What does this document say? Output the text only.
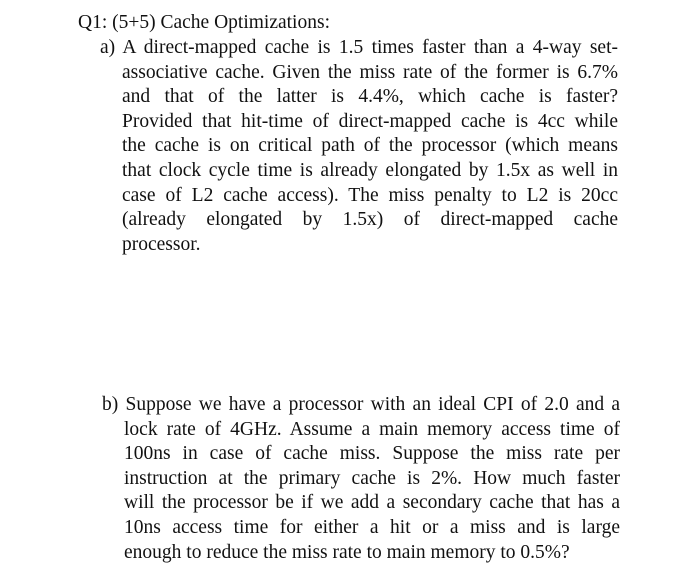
Q1: (5+5) Cache Optimizations:
a) A direct-mapped cache is 1.5 times faster than a 4-way set-
associative cache. Given the miss rate of the former is 6.7%
and that of the latter is 4.4%, which cache is faster?
Provided that hit-time of direct-mapped cache is 4cc while
the cache is on critical path of the processor (which means
that clock cycle time is already elongated by 1.5x as well in
case of L2 cache access). The miss penalty to L2 is 20cc
(already elongated by 1.5x) of direct-mapped cache
processor.
b) Suppose we have a processor with an ideal CPI of 2.0 and a
lock rate of 4GHz. Assume a main memory access time of
100ns in case of cache miss. Suppose the miss rate per
instruction at the primary cache is 2%. How much faster
will the processor be if we add a secondary cache that has a
10ns access time for either a hit or a miss and is large
enough to reduce the miss rate to main memory to 0.5%?
